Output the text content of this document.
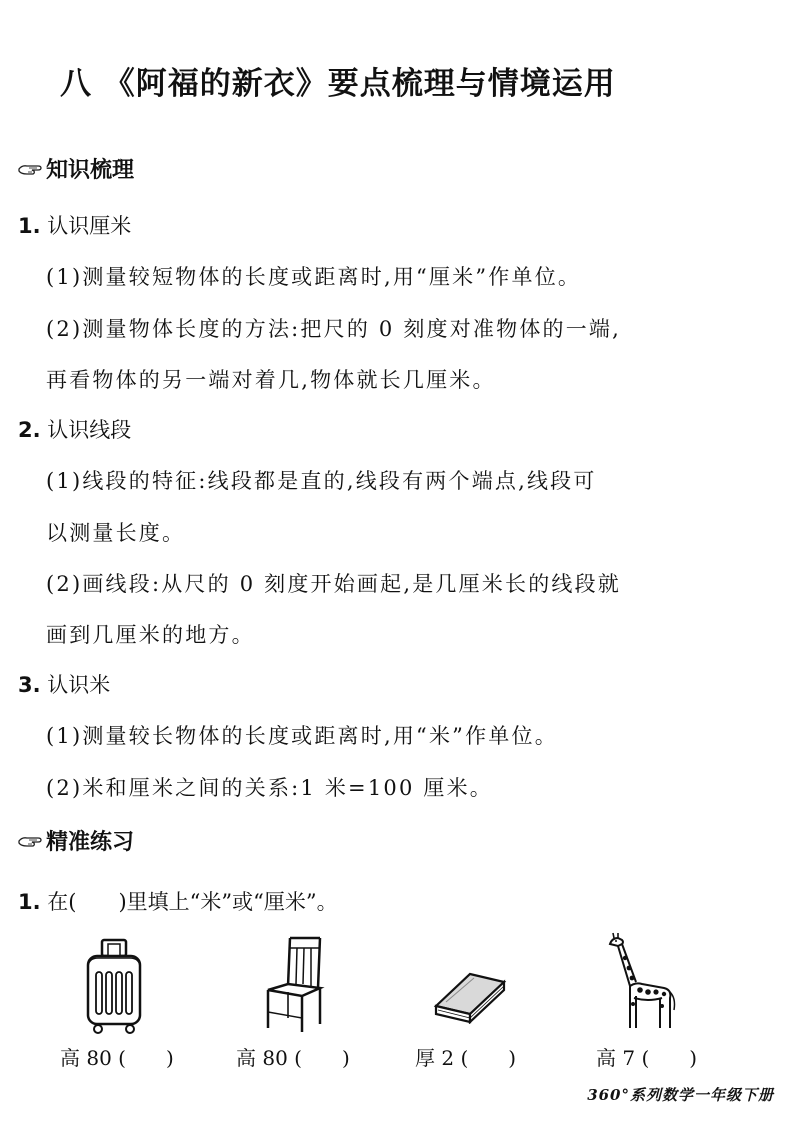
八 《阿福的新衣》要点梳理与情境运用
知识梳理
1. 认识厘米
(1)测量较短物体的长度或距离时,用“厘米”作单位。
(2)测量物体长度的方法:把尺的 0 刻度对准物体的一端,
再看物体的另一端对着几,物体就长几厘米。
2. 认识线段
(1)线段的特征:线段都是直的,线段有两个端点,线段可
以测量长度。
(2)画线段:从尺的 0 刻度开始画起,是几厘米长的线段就
画到几厘米的地方。
3. 认识米
(1)测量较长物体的长度或距离时,用“米”作单位。
(2)米和厘米之间的关系:1 米=100 厘米。
精准练习
1. 在(　　)里填上“米”或“厘米”。
高 80 (　　)	高 80 (　　)	厚 2 (　　)	高 7 (　　)
360°系列数学一年级下册
